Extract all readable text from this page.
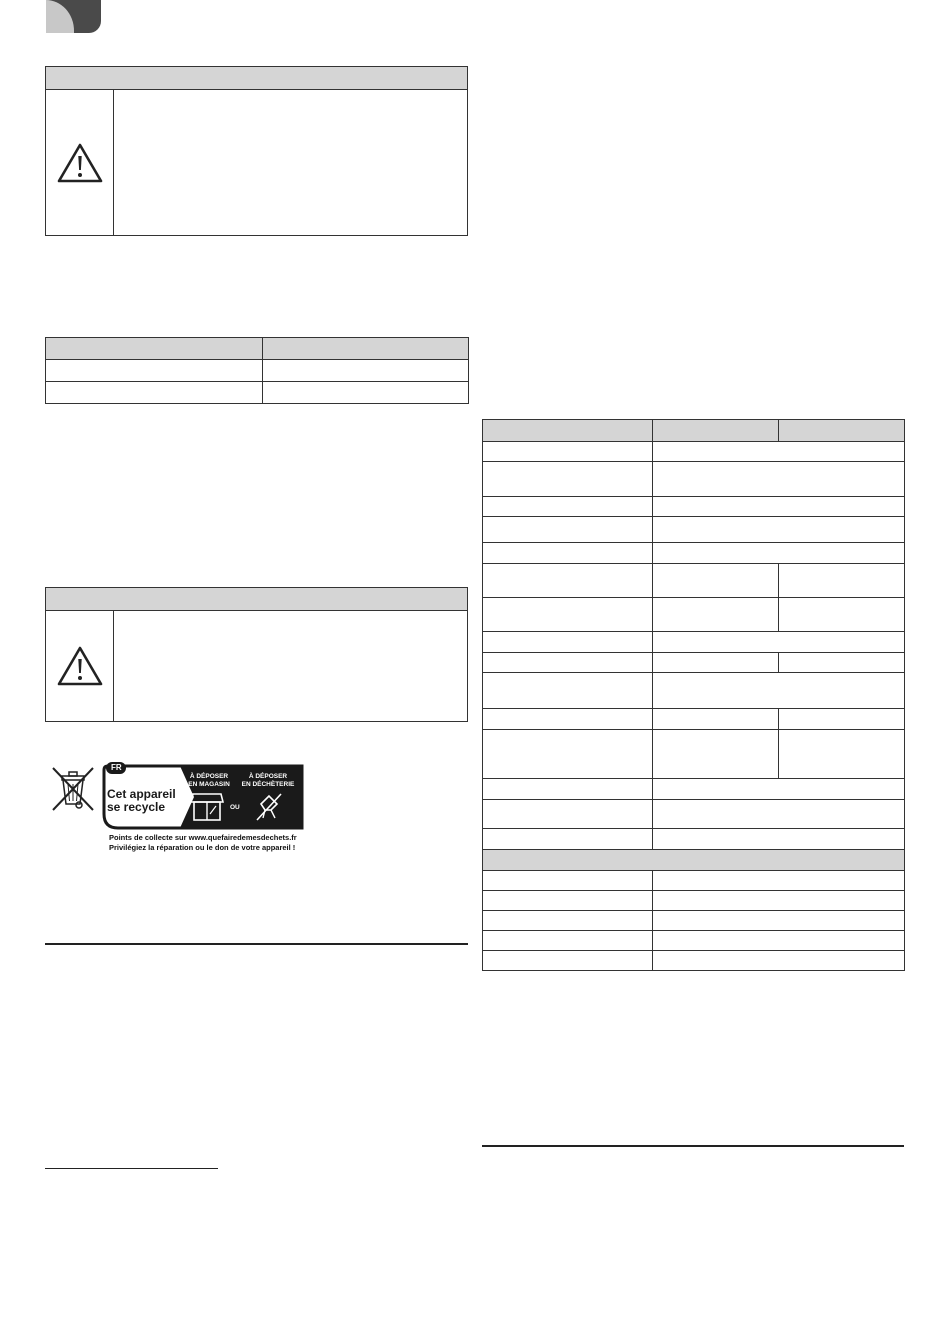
FR
Cet appareil
se recycle
À DÉPOSER
EN MAGASIN
À DÉPOSER
EN DÉCHÈTERIE
OU
Points de collecte sur www.quefairedemesdechets.fr
Privilégiez la réparation ou le don de votre appareil !
